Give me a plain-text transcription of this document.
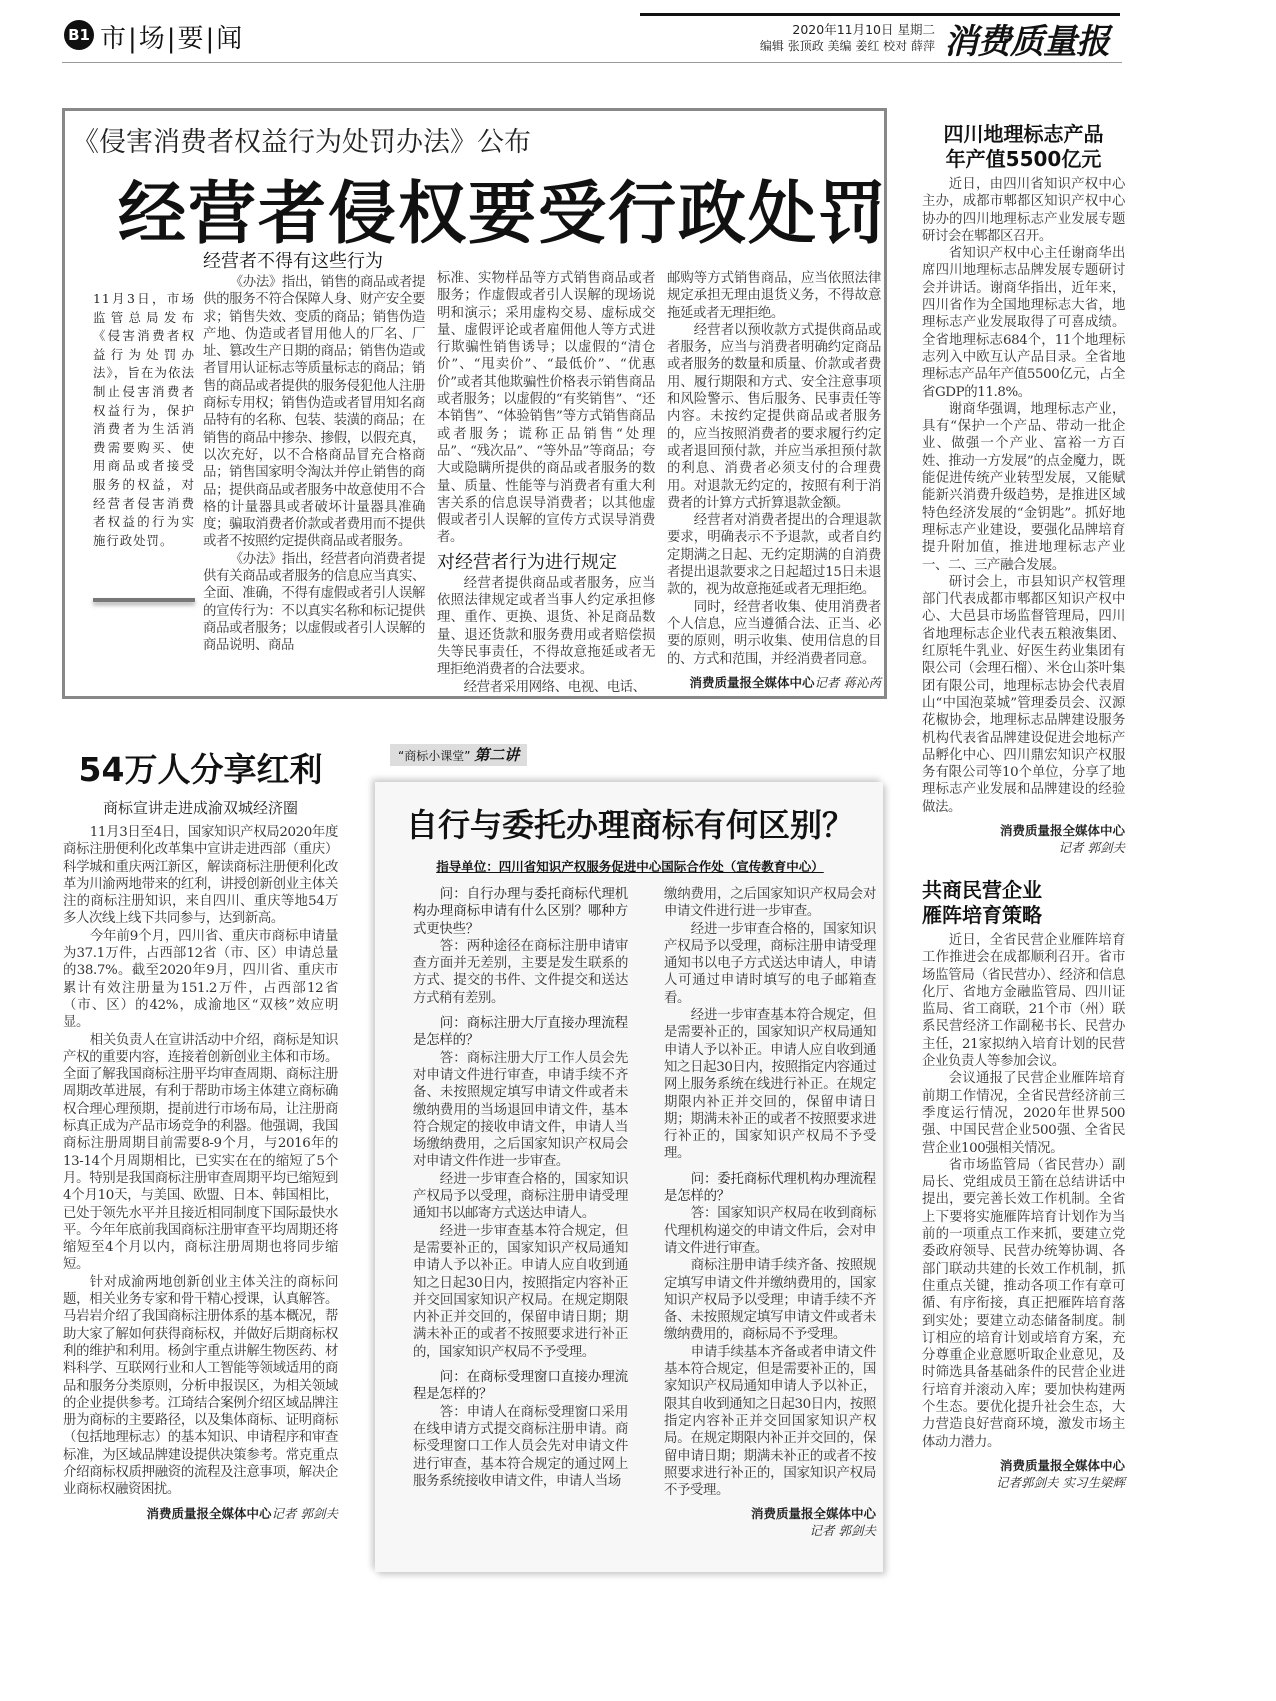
B1 市|场|要|闻	2020年11月10日 星期二
编辑 张顶政 美编 姜红 校对 薛萍 消费质量报
《侵害消费者权益行为处罚办法》公布
经营者侵权要受行政处罚
11月3日，市场监管总局发布《侵害消费者权益行为处罚办法》，旨在为依法制止侵害消费者权益行为，保护消费者为生活消费需要购买、使用商品或者接受服务的权益，对经营者侵害消费者权益的行为实施行政处罚。
经营者不得有这些行为

《办法》指出，销售的商品或者提供的服务不符合保障人身、财产安全要求；销售失效、变质的商品；销售伪造产地、伪造或者冒用他人的厂名、厂址、篡改生产日期的商品；销售伪造或者冒用认证标志等质量标志的商品；销售的商品或者提供的服务侵犯他人注册商标专用权；销售伪造或者冒用知名商品特有的名称、包装、装潢的商品；在销售的商品中掺杂、掺假，以假充真，以次充好，以不合格商品冒充合格商品；销售国家明令淘汰并停止销售的商品；提供商品或者服务中故意使用不合格的计量器具或者破坏计量器具准确度；骗取消费者价款或者费用而不提供或者不按照约定提供商品或者服务。

《办法》指出，经营者向消费者提供有关商品或者服务的信息应当真实、全面、准确，不得有虚假或者引人误解的宣传行为：不以真实名称和标记提供商品或者服务；以虚假或者引人误解的商品说明、商品

标准、实物样品等方式销售商品或者服务；作虚假或者引人误解的现场说明和演示；采用虚构交易、虚标成交量、虚假评论或者雇佣他人等方式进行欺骗性销售诱导；以虚假的“清仓价”、“甩卖价”、“最低价”、“优惠价”或者其他欺骗性价格表示销售商品或者服务；以虚假的“有奖销售”、“还本销售”、“体验销售”等方式销售商品或者服务；谎称正品销售“处理品”、“残次品”、“等外品”等商品；夸大或隐瞒所提供的商品或者服务的数量、质量、性能等与消费者有重大利害关系的信息误导消费者；以其他虚假或者引人误解的宣传方式误导消费者。

对经营者行为进行规定

经营者提供商品或者服务，应当依照法律规定或者当事人约定承担修理、重作、更换、退货、补足商品数量、退还货款和服务费用或者赔偿损失等民事责任，不得故意拖延或者无理拒绝消费者的合法要求。

经营者采用网络、电视、电话、

邮购等方式销售商品，应当依照法律规定承担无理由退货义务，不得故意拖延或者无理拒绝。

经营者以预收款方式提供商品或者服务，应当与消费者明确约定商品或者服务的数量和质量、价款或者费用、履行期限和方式、安全注意事项和风险警示、售后服务、民事责任等内容。未按约定提供商品或者服务的，应当按照消费者的要求履行约定或者退回预付款，并应当承担预付款的利息、消费者必须支付的合理费用。对退款无约定的，按照有利于消费者的计算方式折算退款金额。

经营者对消费者提出的合理退款要求，明确表示不予退款，或者自约定期满之日起、无约定期满的自消费者提出退款要求之日起超过15日未退款的，视为故意拖延或者无理拒绝。

同时，经营者收集、使用消费者个人信息，应当遵循合法、正当、必要的原则，明示收集、使用信息的目的、方式和范围，并经消费者同意。

消费质量报全媒体中心记者 蒋沁芮
四川地理标志产品
年产值5500亿元

近日，由四川省知识产权中心主办，成都市郫都区知识产权中心协办的四川地理标志产业发展专题研讨会在郫都区召开。

省知识产权中心主任谢商华出席四川地理标志品牌发展专题研讨会并讲话。谢商华指出，近年来，四川省作为全国地理标志大省，地理标志产业发展取得了可喜成绩。全省地理标志684个，11个地理标志列入中欧互认产品目录。全省地理标志产品年产值5500亿元，占全省GDP的11.8%。

谢商华强调，地理标志产业，具有“保护一个产品、带动一批企业、做强一个产业、富裕一方百姓、推动一方发展”的点金魔力，既能促进传统产业转型发展，又能赋能新兴消费升级趋势，是推进区域特色经济发展的“金钥匙”。抓好地理标志产业建设，要强化品牌培育提升附加值，推进地理标志产业一、二、三产融合发展。

研讨会上，市县知识产权管理部门代表成都市郫都区知识产权中心、大邑县市场监督管理局，四川省地理标志企业代表五粮液集团、红原牦牛乳业、好医生药业集团有限公司（会理石榴）、米仓山茶叶集团有限公司，地理标志协会代表眉山“中国泡菜城”管理委员会、汉源花椒协会，地理标志品牌建设服务机构代表省品牌建设促进会地标产品孵化中心、四川鼎宏知识产权服务有限公司等10个单位，分享了地理标志产业发展和品牌建设的经验做法。

消费质量报全媒体中心
记者 郭剑夫
共商民营企业
雁阵培育策略

近日，全省民营企业雁阵培育工作推进会在成都顺利召开。省市场监管局（省民营办）、经济和信息化厅、省地方金融监管局、四川证监局、省工商联，21个市（州）联系民营经济工作副秘书长、民营办主任，21家拟纳入培育计划的民营企业负责人等参加会议。

会议通报了民营企业雁阵培育前期工作情况，全省民营经济前三季度运行情况，2020年世界500强、中国民营企业500强、全省民营企业100强相关情况。

省市场监管局（省民营办）副局长、党组成员王箭在总结讲话中提出，要完善长效工作机制。全省上下要将实施雁阵培育计划作为当前的一项重点工作来抓，要建立党委政府领导、民营办统筹协调、各部门联动共建的长效工作机制，抓住重点关键，推动各项工作有章可循、有序衔接，真正把雁阵培育落到实处；要建立动态储备制度。制订相应的培育计划或培育方案，充分尊重企业意愿听取企业意见，及时筛选具备基础条件的民营企业进行培育并滚动入库；要加快构建两个生态。要优化提升社会生态，大力营造良好营商环境，激发市场主体动力潜力。

消费质量报全媒体中心
记者郭剑夫 实习生梁辉
54万人分享红利
商标宣讲走进成渝双城经济圈

11月3日至4日，国家知识产权局2020年度商标注册便利化改革集中宣讲走进西部（重庆）科学城和重庆两江新区，解读商标注册便利化改革为川渝两地带来的红利，讲授创新创业主体关注的商标注册知识，来自四川、重庆等地54万多人次线上线下共同参与，达到新高。

今年前9个月，四川省、重庆市商标申请量为37.1万件，占西部12省（市、区）申请总量的38.7%。截至2020年9月，四川省、重庆市累计有效注册量为151.2万件，占西部12省（市、区）的42%，成渝地区“双核”效应明显。

相关负责人在宣讲活动中介绍，商标是知识产权的重要内容，连接着创新创业主体和市场。全面了解我国商标注册平均审查周期、商标注册周期改革进展，有利于帮助市场主体建立商标确权合理心理预期，提前进行市场布局，让注册商标真正成为产品市场竞争的利器。他强调，我国商标注册周期目前需要8-9个月，与2016年的13-14个月周期相比，已实实在在的缩短了5个月。特别是我国商标注册审查周期平均已缩短到4个月10天，与美国、欧盟、日本、韩国相比，已处于领先水平并且接近相同制度下国际最快水平。今年年底前我国商标注册审查平均周期还将缩短至4个月以内，商标注册周期也将同步缩短。

针对成渝两地创新创业主体关注的商标问题，相关业务专家和骨干精心授课，认真解答。马岩岩介绍了我国商标注册体系的基本概况，帮助大家了解如何获得商标权，并做好后期商标权利的维护和利用。杨剑宇重点讲解生物医药、材料科学、互联网行业和人工智能等领域适用的商品和服务分类原则，分析申报误区，为相关领域的企业提供参考。江琦结合案例介绍区域品牌注册为商标的主要路径，以及集体商标、证明商标（包括地理标志）的基本知识、申请程序和审查标准，为区域品牌建设提供决策参考。常克重点介绍商标权质押融资的流程及注意事项，解决企业商标权融资困扰。

消费质量报全媒体中心记者 郭剑夫
“商标小课堂” 第二讲
自行与委托办理商标有何区别？
指导单位：四川省知识产权服务促进中心国际合作处（宣传教育中心）

问：自行办理与委托商标代理机构办理商标申请有什么区别？哪种方式更快些？

答：两种途径在商标注册申请审查方面并无差别，主要是发生联系的方式、提交的书件、文件提交和送达方式稍有差别。

问：商标注册大厅直接办理流程是怎样的？

答：商标注册大厅工作人员会先对申请文件进行审查，申请手续不齐备、未按照规定填写申请文件或者未缴纳费用的当场退回申请文件，基本符合规定的接收申请文件，申请人当场缴纳费用，之后国家知识产权局会对申请文件作进一步审查。

经进一步审查合格的，国家知识产权局予以受理，商标注册申请受理通知书以邮寄方式送达申请人。

经进一步审查基本符合规定，但是需要补正的，国家知识产权局通知申请人予以补正。申请人应自收到通知之日起30日内，按照指定内容补正并交回国家知识产权局。在规定期限内补正并交回的，保留申请日期；期满未补正的或者不按照要求进行补正的，国家知识产权局不予受理。

问：在商标受理窗口直接办理流程是怎样的？

答：申请人在商标受理窗口采用在线申请方式提交商标注册申请。商标受理窗口工作人员会先对申请文件进行审查，基本符合规定的通过网上服务系统接收申请文件，申请人当场

缴纳费用，之后国家知识产权局会对申请文件进行进一步审查。

经进一步审查合格的，国家知识产权局予以受理，商标注册申请受理通知书以电子方式送达申请人，申请人可通过申请时填写的电子邮箱查看。

经进一步审查基本符合规定，但是需要补正的，国家知识产权局通知申请人予以补正。申请人应自收到通知之日起30日内，按照指定内容通过网上服务系统在线进行补正。在规定期限内补正并交回的，保留申请日期；期满未补正的或者不按照要求进行补正的，国家知识产权局不予受理。

问：委托商标代理机构办理流程是怎样的？

答：国家知识产权局在收到商标代理机构递交的申请文件后，会对申请文件进行审查。

商标注册申请手续齐备、按照规定填写申请文件并缴纳费用的，国家知识产权局予以受理；申请手续不齐备、未按照规定填写申请文件或者未缴纳费用的，商标局不予受理。

申请手续基本齐备或者申请文件基本符合规定，但是需要补正的，国家知识产权局通知申请人予以补正，限其自收到通知之日起30日内，按照指定内容补正并交回国家知识产权局。在规定期限内补正并交回的，保留申请日期；期满未补正的或者不按照要求进行补正的，国家知识产权局不予受理。

消费质量报全媒体中心
记者 郭剑夫
